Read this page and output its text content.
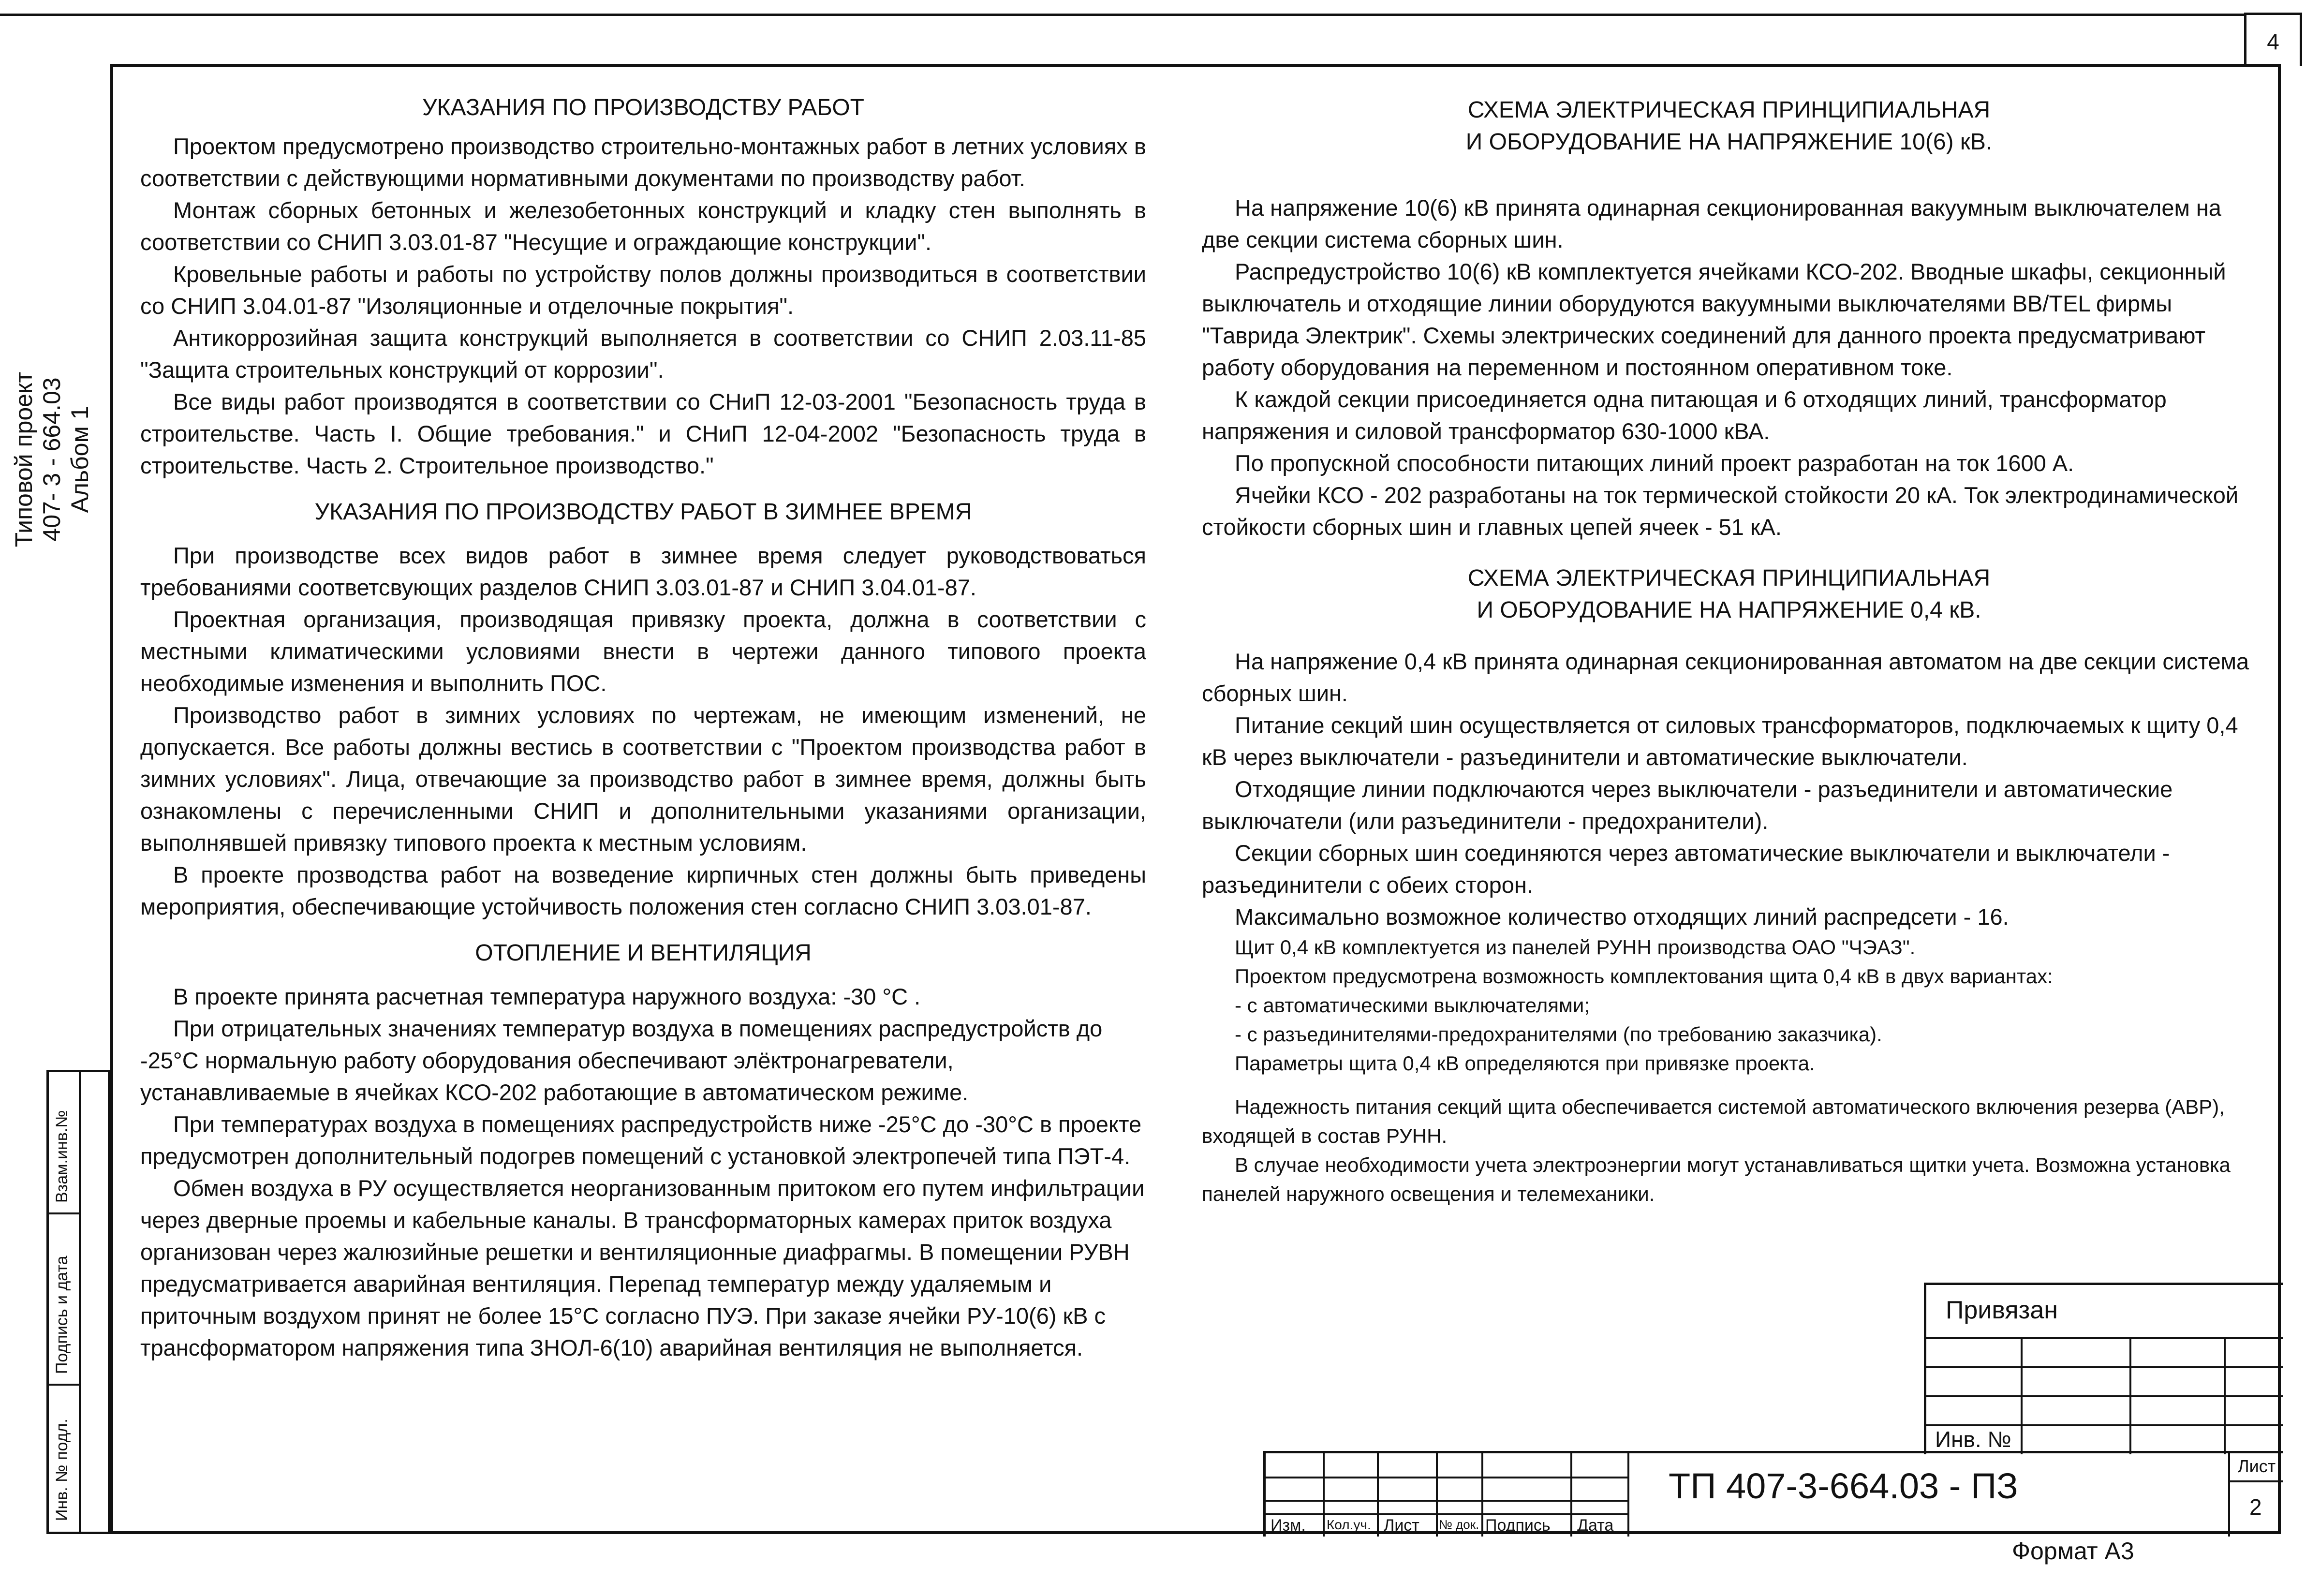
4
Типовой проект 407- 3 - 664.03 Альбом 1
Взам.инв.№
Подпись и дата
Инв. № подл.
УКАЗАНИЯ ПО ПРОИЗВОДСТВУ РАБОТ

Проектом предусмотрено производство строительно-монтажных работ в летних условиях в соответствии с действующими нормативными документами по производству работ.

Монтаж сборных бетонных и железобетонных конструкций и кладку стен выполнять в соответствии со СНИП 3.03.01-87 "Несущие и ограждающие конструкции".

Кровельные работы и работы по устройству полов должны производиться в соответствии со СНИП 3.04.01-87 "Изоляционные и отделочные покрытия".

Антикоррозийная защита конструкций выполняется в соответствии со СНИП 2.03.11-85 "Защита строительных конструкций от коррозии".

Все виды работ производятся в соответствии со СНиП 12-03-2001 "Безопасность труда в строительстве. Часть I. Общие требования." и СНиП 12-04-2002 "Безопасность труда в строительстве. Часть 2. Строительное производство."

УКАЗАНИЯ ПО ПРОИЗВОДСТВУ РАБОТ В ЗИМНЕЕ ВРЕМЯ

При производстве всех видов работ в зимнее время следует руководствоваться требованиями соответсвующих разделов СНИП 3.03.01-87 и СНИП 3.04.01-87.

Проектная организация, производящая привязку проекта, должна в соответствии с местными климатическими условиями внести в чертежи данного типового проекта необходимые изменения и выполнить ПОС.

Производство работ в зимних условиях по чертежам, не имеющим изменений, не допускается. Все работы должны вестись в соответствии с "Проектом производства работ в зимних условиях". Лица, отвечающие за производство работ в зимнее время, должны быть ознакомлены с перечисленными СНИП и дополнительными указаниями организации, выполнявшей привязку типового проекта к местным условиям.

В проекте прозводства работ на возведение кирпичных стен должны быть приведены мероприятия, обеспечивающие устойчивость положения стен согласно СНИП 3.03.01-87.

ОТОПЛЕНИЕ И ВЕНТИЛЯЦИЯ

В проекте принята расчетная температура наружного воздуха: -30 °С .

При отрицательных значениях температур воздуха в помещениях распредустройств до -25°С нормальную работу оборудования обеспечивают элёктронагреватели, устанавливаемые в ячейках КСО-202 работающие в автоматическом режиме.

При температурах воздуха в помещениях распредустройств ниже -25°С до -30°С в проекте предусмотрен дополнительный подогрев помещений с установкой электропечей типа ПЭТ-4.

Обмен воздуха в РУ осуществляется неорганизованным притоком его путем инфильтрации через дверные проемы и кабельные каналы. В трансформаторных камерах приток воздуха организован через жалюзийные решетки и вентиляционные диафрагмы. В помещении РУВН предусматривается аварийная вентиляция. Перепад температур между удаляемым и приточным воздухом принят не более 15°С согласно ПУЭ. При заказе ячейки РУ-10(6) кВ с трансформатором напряжения типа ЗНОЛ-6(10) аварийная вентиляция не выполняется.

СХЕМА ЭЛЕКТРИЧЕСКАЯ ПРИНЦИПИАЛЬНАЯ
И ОБОРУДОВАНИЕ НА НАПРЯЖЕНИЕ 10(6) кВ.

На напряжение 10(6) кВ принята одинарная секционированная вакуумным выключателем на две секции система сборных шин.

Распредустройство 10(6) кВ комплектуется ячейками КСО-202. Вводные шкафы, секционный выключатель и отходящие линии оборудуются вакуумными выключателями ВВ/TEL фирмы "Таврида Электрик". Схемы электрических соединений для данного проекта предусматривают работу оборудования на переменном и постоянном оперативном токе.

К каждой секции присоединяется одна питающая и 6 отходящих линий, трансформатор напряжения и силовой трансформатор 630-1000 кВА.

По пропускной способности питающих линий проект разработан на ток 1600 А.

Ячейки КСО - 202 разработаны на ток термической стойкости 20 кА. Ток электродинамической стойкости сборных шин и главных цепей ячеек - 51 кА.

СХЕМА ЭЛЕКТРИЧЕСКАЯ ПРИНЦИПИАЛЬНАЯ
И ОБОРУДОВАНИЕ НА НАПРЯЖЕНИЕ 0,4 кВ.

На напряжение 0,4 кВ принята одинарная секционированная автоматом на две секции система сборных шин.

Питание секций шин осуществляется от силовых трансформаторов, подключаемых к щиту 0,4 кВ через выключатели - разъединители и автоматические выключатели.

Отходящие линии подключаются через выключатели - разъединители и автоматические выключатели (или разъединители - предохранители).

Секции сборных шин соединяются через автоматические выключатели и выключатели - разъединители с обеих сторон.

Максимально возможное количество отходящих линий распредсети - 16.

Щит 0,4 кВ комплектуется из панелей РУНН производства ОАО "ЧЭАЗ".

Проектом предусмотрена возможность комплектования щита 0,4 кВ в двух вариантах:

- с автоматическими выключателями;

- с разъединителями-предохранителями (по требованию заказчика).

Параметры щита 0,4 кВ определяются при привязке проекта.

Надежность питания секций щита обеспечивается системой автоматического включения резерва (АВР), входящей в состав РУНН.

В случае необходимости учета электроэнергии могут устанавливаться щитки учета. Возможна установка панелей наружного освещения и телемеханики.

Привязан
Инв. №
Изм. Кол.уч. Лист № док. Подпись Дата
Лист
2
ТП 407-3-664.03 - ПЗ
Формат А3
